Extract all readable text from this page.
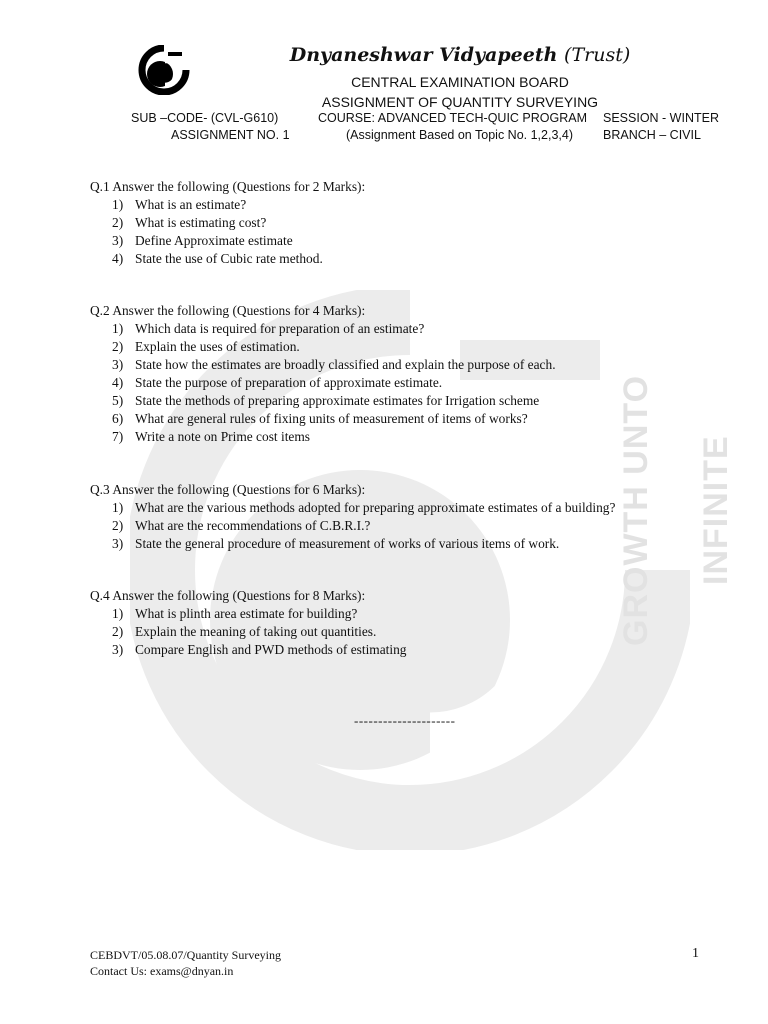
GROWTH UNTO INFINITE
Dnyaneshwar Vidyapeeth (Trust)
CENTRAL EXAMINATION BOARD
ASSIGNMENT OF QUANTITY SURVEYING
SUB –CODE- (CVL-G610)
ASSIGNMENT NO. 1
COURSE: ADVANCED TECH-QUIC PROGRAM
(Assignment Based on Topic No. 1,2,3,4)
SESSION - WINTER
BRANCH – CIVIL

Q.1 Answer the following (Questions for 2 Marks):

1) What is an estimate?
2) What is estimating cost?
3) Define Approximate estimate
4) State the use of Cubic rate method.

Q.2 Answer the following (Questions for 4 Marks):

1) Which data is required for preparation of an estimate?
2) Explain the uses of estimation.
3) State how the estimates are broadly classified and explain the purpose of each.
4) State the purpose of preparation of approximate estimate.
5) State the methods of preparing approximate estimates for Irrigation scheme
6) What are general rules of fixing units of measurement of items of works?
7) Write a note on Prime cost items

Q.3 Answer the following (Questions for 6 Marks):

1) What are the various methods adopted for preparing approximate estimates of a building?
2) What are the recommendations of C.B.R.I.?
3) State the general procedure of measurement of works of various items of work.

Q.4 Answer the following (Questions for 8 Marks):

1) What is plinth area estimate for building?
2) Explain the meaning of taking out quantities.
3) Compare English and PWD methods of estimating
---------------------
CEBDVT/05.08.07/Quantity Surveying
Contact Us: exams@dnyan.in
1
